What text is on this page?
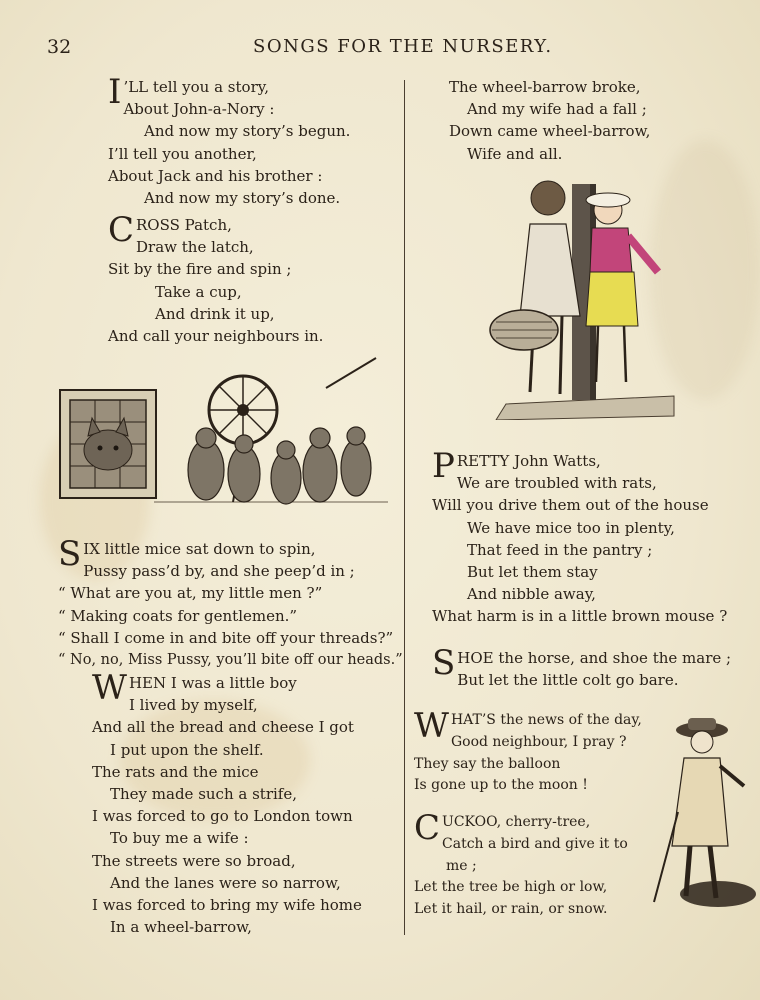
32	SONGS FOR THE NURSERY.
I ’LL tell you a story,
About John-a-Nory :
And now my story’s begun.
I’ll tell you another,
About Jack and his brother :
And now my story’s done.
C ROSS Patch,
Draw the latch,
Sit by the fire and spin ;
Take a cup,
And drink it up,
And call your neighbours in.
S IX little mice sat down to spin,
Pussy pass’d by, and she peep’d in ;
“ What are you at, my little men ?”
“ Making coats for gentlemen.”
“ Shall I come in and bite off your threads?”
“ No, no, Miss Pussy, you’ll bite off our heads.”
W HEN I was a little boy
I lived by myself,
And all the bread and cheese I got
I put upon the shelf.
The rats and the mice
They made such a strife,
I was forced to go to London town
To buy me a wife :
The streets were so broad,
And the lanes were so narrow,
I was forced to bring my wife home
In a wheel-barrow,
The wheel-barrow broke,
And my wife had a fall ;
Down came wheel-barrow,
Wife and all.
P RETTY John Watts,
We are troubled with rats,
Will you drive them out of the house
We have mice too in plenty,
That feed in the pantry ;
But let them stay
And nibble away,
What harm is in a little brown mouse ?
S HOE the horse, and shoe the mare ;
But let the little colt go bare.
W HAT’S the news of the day,
Good neighbour, I pray ?
They say the balloon
Is gone up to the moon !
C UCKOO, cherry-tree,
Catch a bird and give it to
me ;
Let the tree be high or low,
Let it hail, or rain, or snow.
